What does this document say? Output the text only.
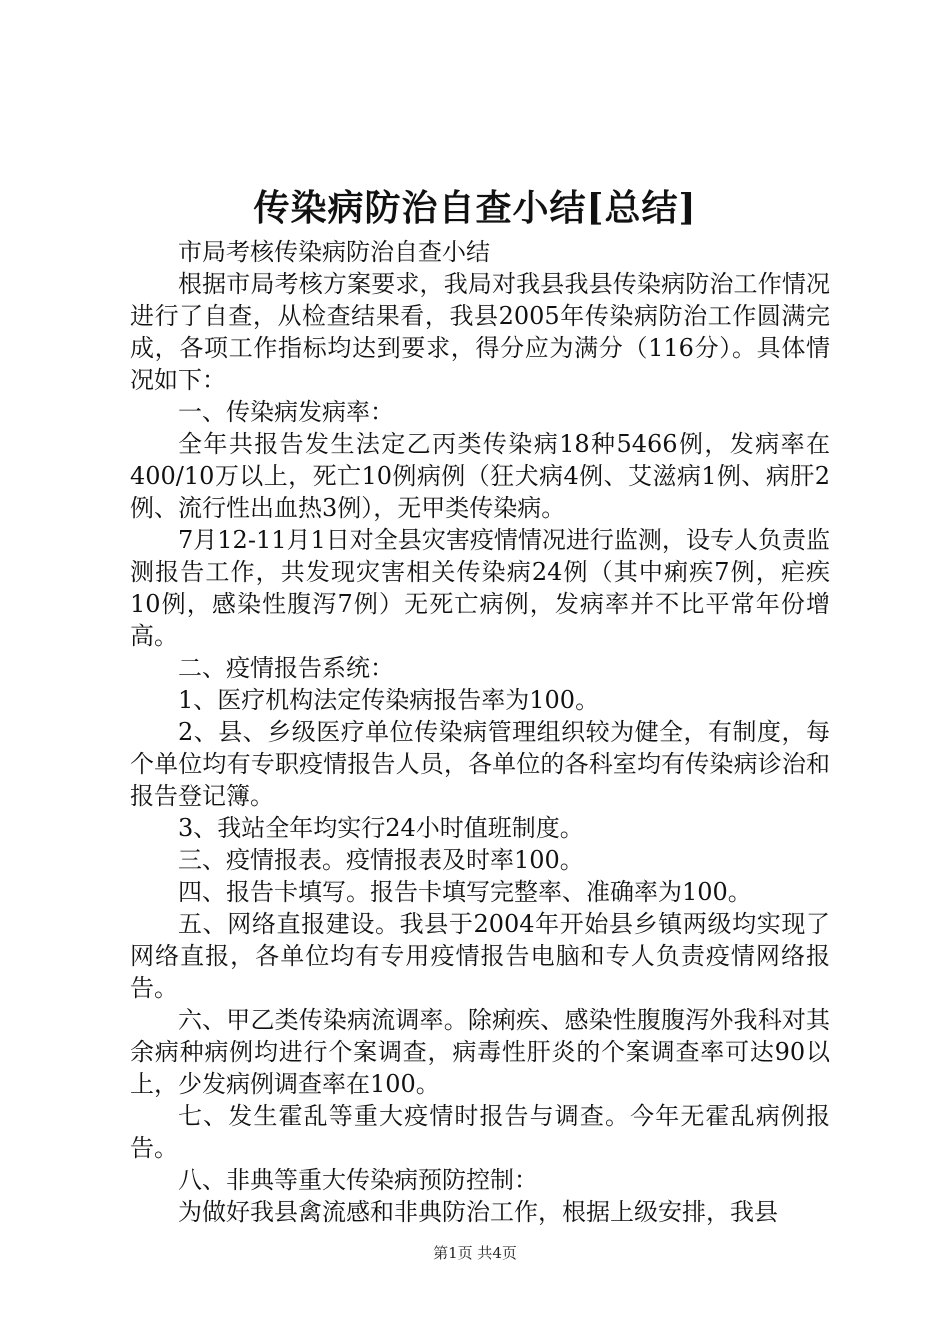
传染病防治自查小结[总结]

市局考核传染病防治自查小结

根据市局考核方案要求，我局对我县我县传染病防治工作情况进行了自查，从检查结果看，我县2005年传染病防治工作圆满完成，各项工作指标均达到要求，得分应为满分（116分）。具体情况如下：

一、传染病发病率：

全年共报告发生法定乙丙类传染病18种5466例，发病率在400/10万以上，死亡10例病例（狂犬病4例、艾滋病1例、病肝2例、流行性出血热3例），无甲类传染病。

7月12-11月1日对全县灾害疫情情况进行监测，设专人负责监测报告工作，共发现灾害相关传染病24例（其中痢疾7例，疟疾10例，感染性腹泻7例）无死亡病例，发病率并不比平常年份增高。

二、疫情报告系统：

1、医疗机构法定传染病报告率为100。

2、县、乡级医疗单位传染病管理组织较为健全，有制度，每个单位均有专职疫情报告人员，各单位的各科室均有传染病诊治和报告登记簿。

3、我站全年均实行24小时值班制度。

三、疫情报表。疫情报表及时率100。

四、报告卡填写。报告卡填写完整率、准确率为100。

五、网络直报建设。我县于2004年开始县乡镇两级均实现了网络直报，各单位均有专用疫情报告电脑和专人负责疫情网络报告。

六、甲乙类传染病流调率。除痢疾、感染性腹腹泻外我科对其余病种病例均进行个案调查，病毒性肝炎的个案调查率可达90以上，少发病例调查率在100。

七、发生霍乱等重大疫情时报告与调查。今年无霍乱病例报告。

八、非典等重大传染病预防控制：

为做好我县禽流感和非典防治工作，根据上级安排，我县

第1页 共4页
